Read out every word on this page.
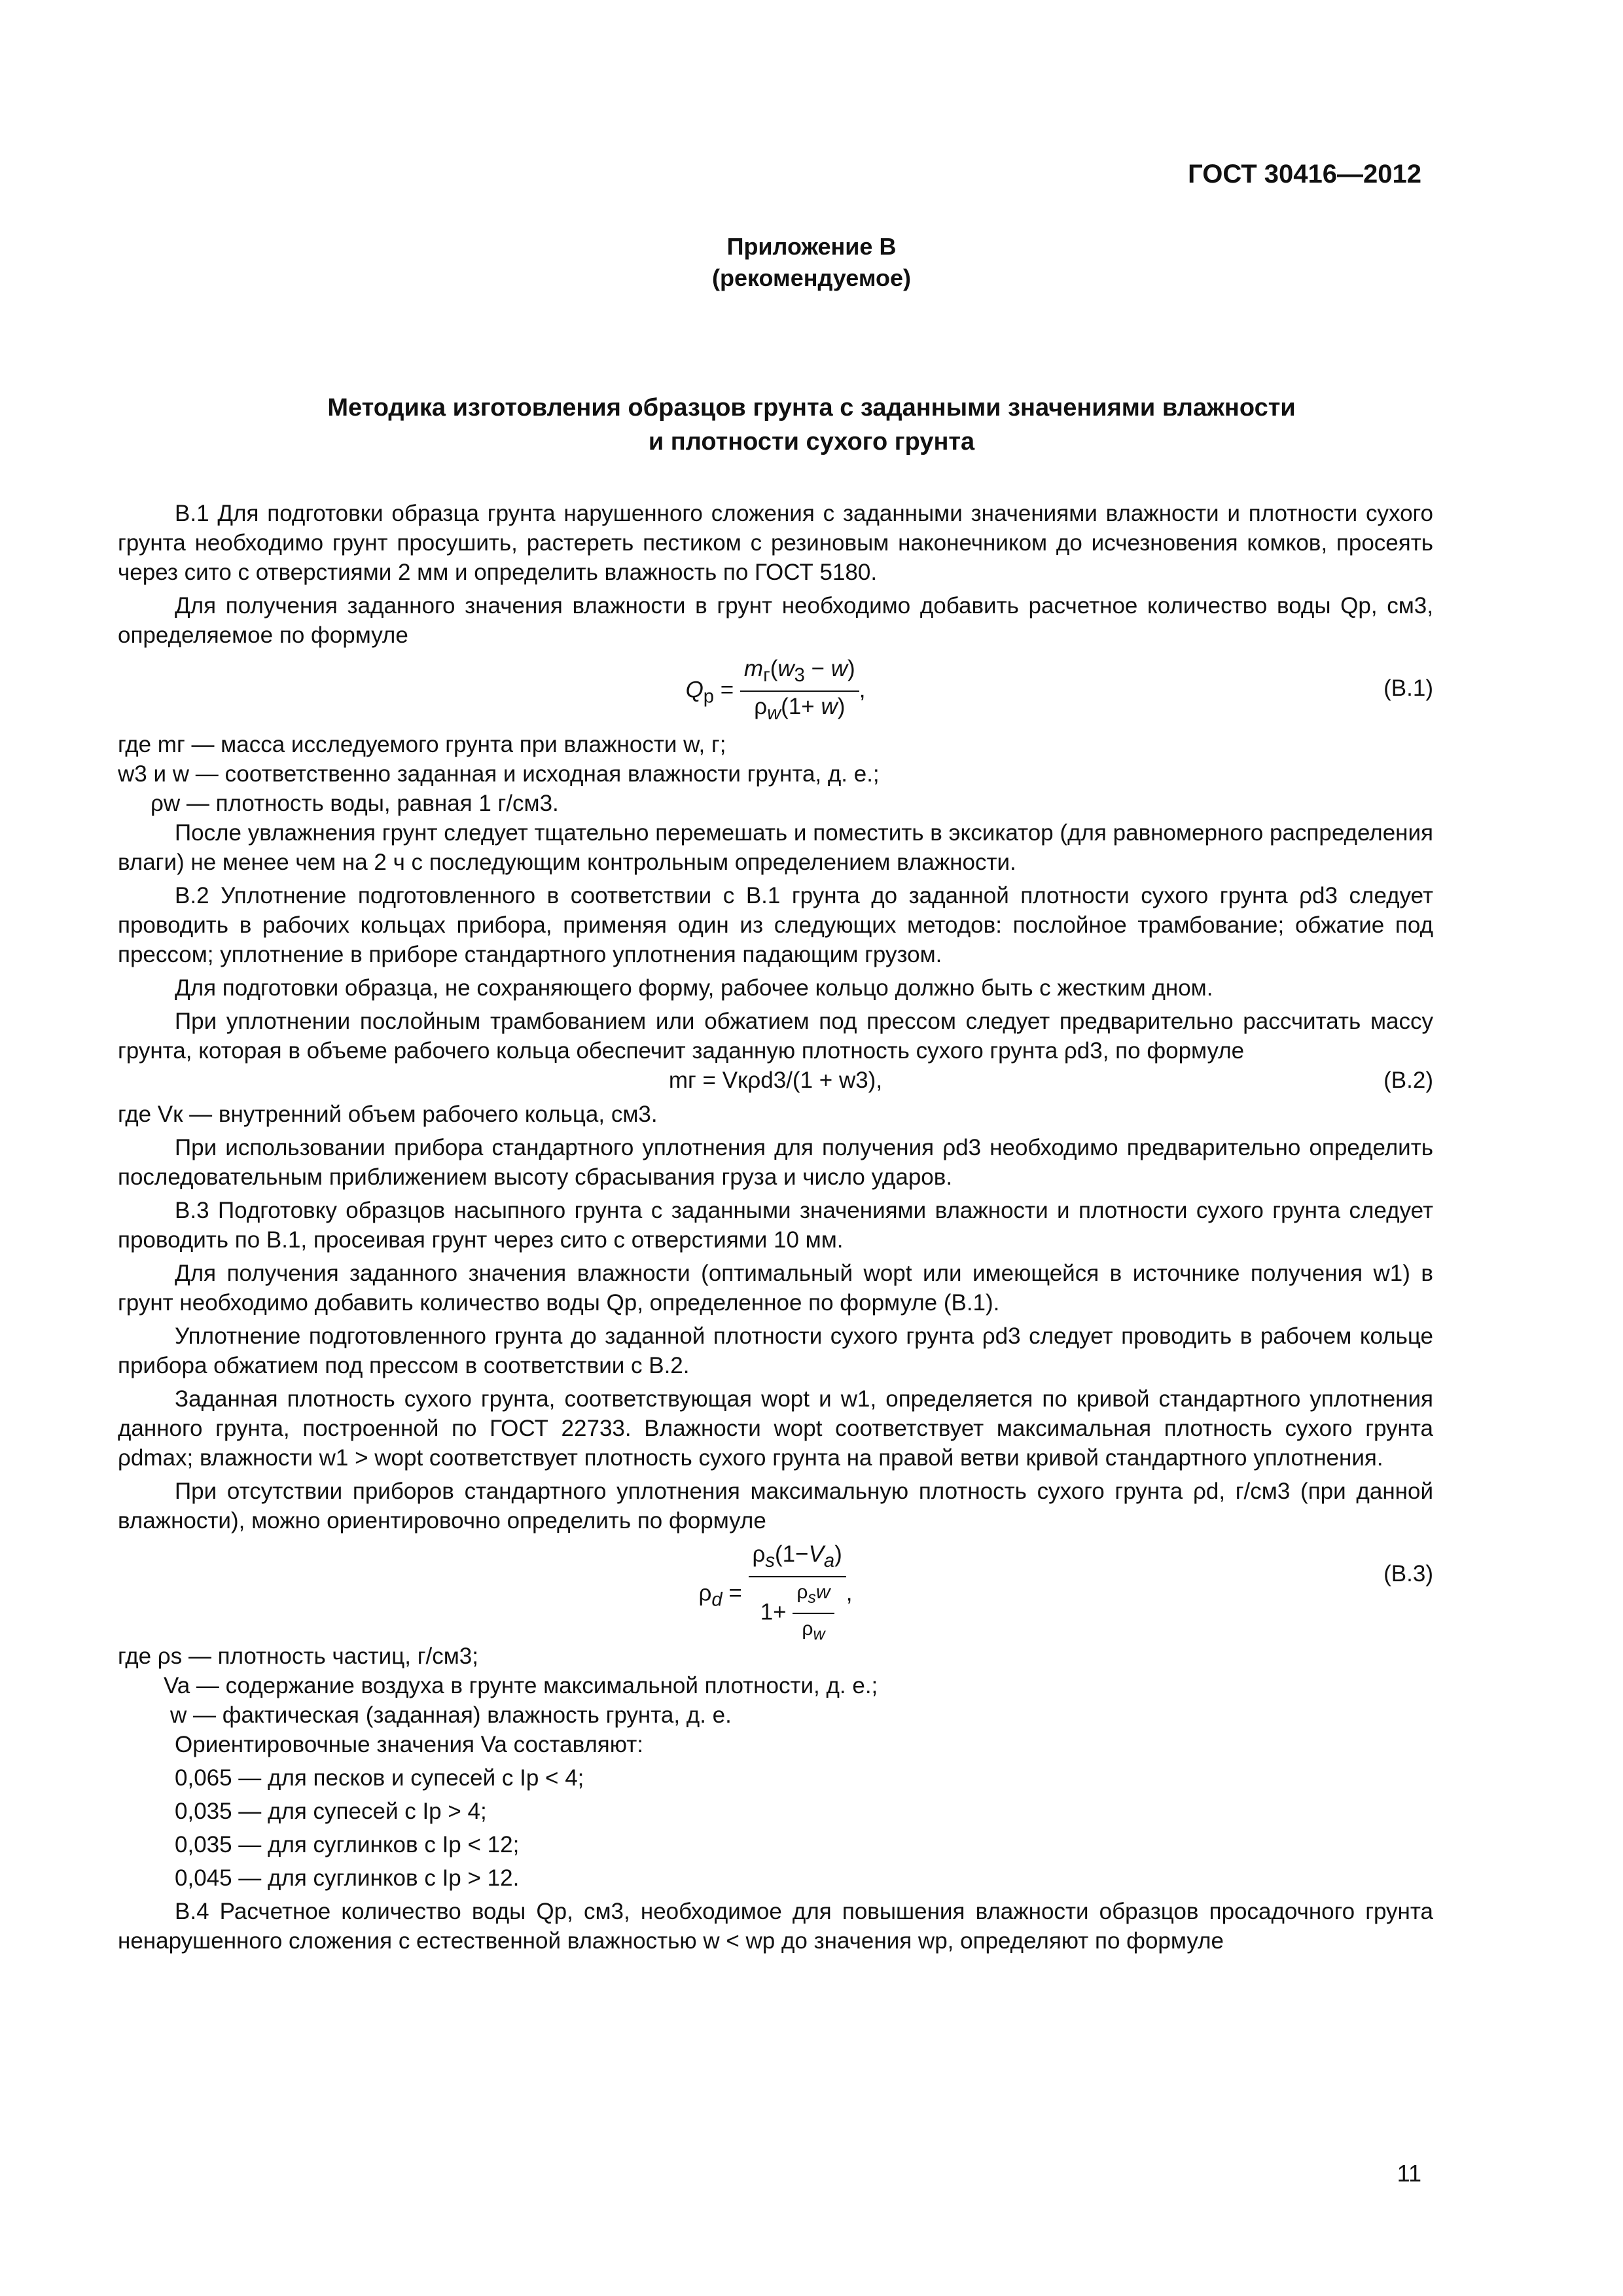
ГОСТ 30416—2012
Приложение В
(рекомендуемое)
Методика изготовления образцов грунта с заданными значениями влажности
и плотности сухого грунта

В.1 Для подготовки образца грунта нарушенного сложения с заданными значениями влажности и плотности сухого грунта необходимо грунт просушить, растереть пестиком с резиновым наконечником до исчезновения комков, просеять через сито с отверстиями 2 мм и определить влажность по ГОСТ 5180.

Для получения заданного значения влажности в грунт необходимо добавить расчетное количество воды Qр, см3, определяемое по формуле

$Q_р = \frac{m_г(w_3 - w)}{\rho_w(1+ w)}$ ,	(В.1)

где mг — масса исследуемого грунта при влажности w, г;

w3 и w — соответственно заданная и исходная влажности грунта, д. е.;

ρw — плотность воды, равная 1 г/см3.

После увлажнения грунт следует тщательно перемешать и поместить в эксикатор (для равномерного распределения влаги) не менее чем на 2 ч с последующим контрольным определением влажности.

В.2 Уплотнение подготовленного в соответствии с В.1 грунта до заданной плотности сухого грунта ρd3 следует проводить в рабочих кольцах прибора, применяя один из следующих методов: послойное трамбование; обжатие под прессом; уплотнение в приборе стандартного уплотнения падающим грузом.

Для подготовки образца, не сохраняющего форму, рабочее кольцо должно быть с жестким дном.

При уплотнении послойным трамбованием или обжатием под прессом следует предварительно рассчитать массу грунта, которая в объеме рабочего кольца обеспечит заданную плотность сухого грунта ρd3, по формуле

mг = Vкρd3/(1 + w3),	(В.2)

где Vк — внутренний объем рабочего кольца, см3.

При использовании прибора стандартного уплотнения для получения ρd3 необходимо предварительно определить последовательным приближением высоту сбрасывания груза и число ударов.

В.3 Подготовку образцов насыпного грунта с заданными значениями влажности и плотности сухого грунта следует проводить по В.1, просеивая грунт через сито с отверстиями 10 мм.

Для получения заданного значения влажности (оптимальный wopt или имеющейся в источнике получения w1) в грунт необходимо добавить количество воды Qр, определенное по формуле (В.1).

Уплотнение подготовленного грунта до заданной плотности сухого грунта ρd3 следует проводить в рабочем кольце прибора обжатием под прессом в соответствии с В.2.

Заданная плотность сухого грунта, соответствующая wopt и w1, определяется по кривой стандартного уплотнения данного грунта, построенной по ГОСТ 22733. Влажности wopt соответствует максимальная плотность сухого грунта ρdmax; влажности w1 > wopt соответствует плотность сухого грунта на правой ветви кривой стандартного уплотнения.

При отсутствии приборов стандартного уплотнения максимальную плотность сухого грунта ρd, г/см3 (при данной влажности), можно ориентировочно определить по формуле

$\rho_d = \frac{\rho_s(1-V_a)}{1+ \frac{\rho_sw}{\rho_w}}$ ,
(В.3)

где ρs — плотность частиц, г/см3;

Va — содержание воздуха в грунте максимальной плотности, д. е.;

w — фактическая (заданная) влажность грунта, д. е.

Ориентировочные значения Va составляют:

0,065 — для песков и супесей с Ip < 4;

0,035 — для супесей с Ip > 4;

0,035 — для суглинков с Ip < 12;

0,045 — для суглинков с Ip > 12.

В.4 Расчетное количество воды Qр, см3, необходимое для повышения влажности образцов просадочного грунта ненарушенного сложения с естественной влажностью w < wp до значения wp, определяют по формуле

11
